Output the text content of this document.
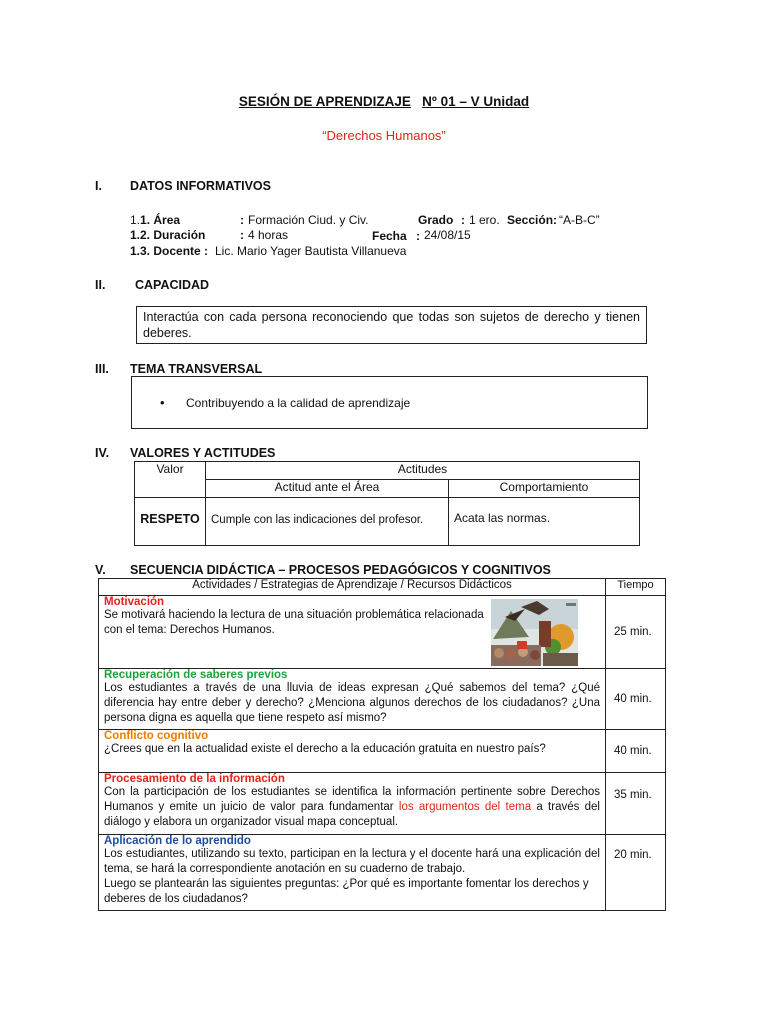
SESIÓN DE APRENDIZAJE Nº 01 – V Unidad
“Derechos Humanos”
I. DATOS INFORMATIVOS
1.1. Área	: Formación Ciud. y Civ.	Grado : 1 ero. Sección: “A-B-C”
1.2. Duración	: 4 horas	Fecha : 24/08/15
1.3. Docente : Lic. Mario Yager Bautista Villanueva
II. CAPACIDAD
Interactúa con cada persona reconociendo que todas son sujetos de derecho y tienen deberes.
III. TEMA TRANSVERSAL
• Contribuyendo a la calidad de aprendizaje
IV. VALORES Y ACTITUDES
Valor	Actitudes	
	Actitud ante el Área	Comportamiento
RESPETO	Cumple con las indicaciones del profesor.	Acata las normas.
V. SECUENCIA DIDÁCTICA – PROCESOS PEDAGÓGICOS Y COGNITIVOS
Actividades / Estrategias de Aprendizaje / Recursos Didácticos	Tiempo

Motivación
Se motivará haciendo la lectura de una situación problemática relacionada con el tema: Derechos Humanos.	25 min.

Recuperación de saberes previos
Los estudiantes a través de una lluvia de ideas expresan ¿Qué sabemos del tema? ¿Qué diferencia hay entre deber y derecho? ¿Menciona algunos derechos de los ciudadanos? ¿Una persona digna es aquella que tiene respeto así mismo?	40 min.

Conflicto cognitivo
¿Crees que en la actualidad existe el derecho a la educación gratuita en nuestro país?	40 min.

Procesamiento de la información
Con la participación de los estudiantes se identifica la información pertinente sobre Derechos Humanos y emite un juicio de valor para fundamentar los argumentos del tema a través del diálogo y elabora un organizador visual mapa conceptual.	35 min.

Aplicación de lo aprendido
Los estudiantes, utilizando su texto, participan en la lectura y el docente hará una explicación del tema, se hará la correspondiente anotación en su cuaderno de trabajo.
Luego se plantearán las siguientes preguntas: ¿Por qué es importante fomentar los derechos y deberes de los ciudadanos?	20 min.
